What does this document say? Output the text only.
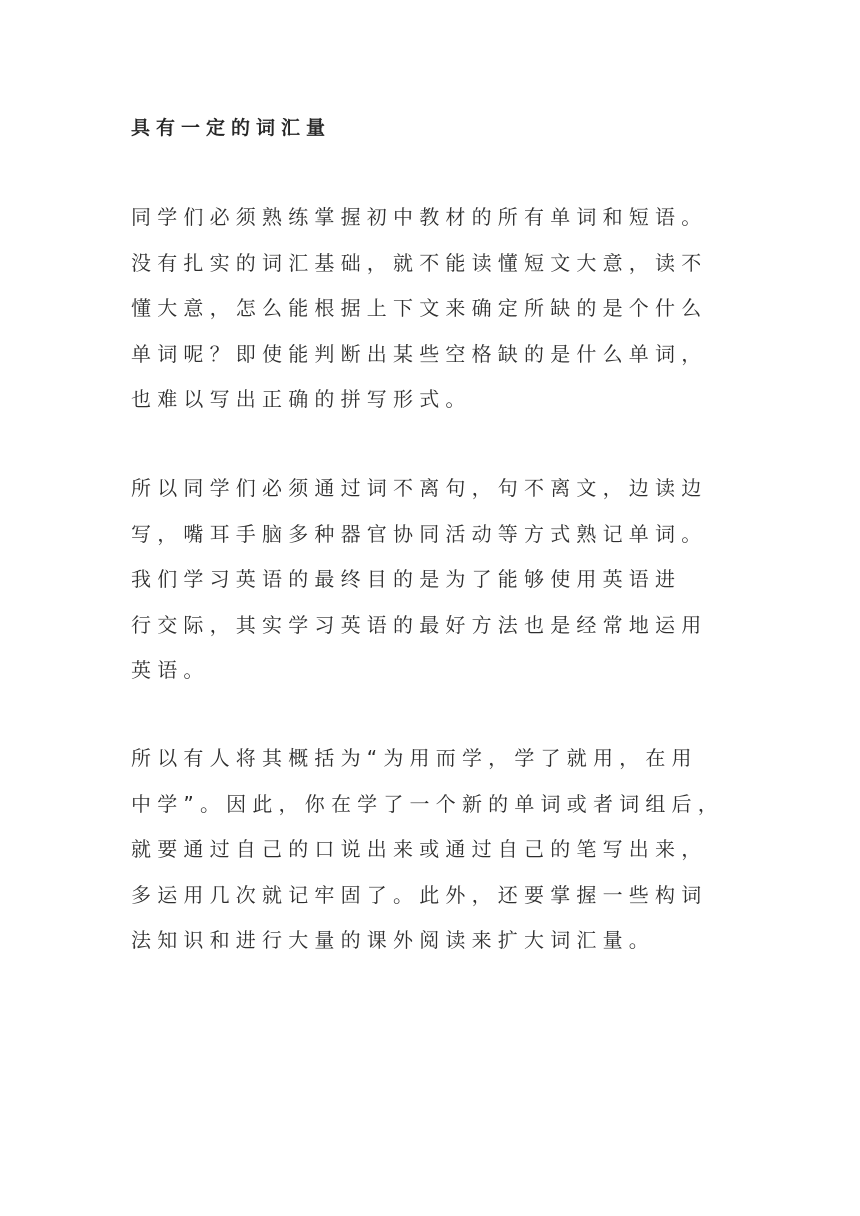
具有一定的词汇量
同学们必须熟练掌握初中教材的所有单词和短语。
没有扎实的词汇基础，就不能读懂短文大意，读不
懂大意，怎么能根据上下文来确定所缺的是个什么
单词呢？即使能判断出某些空格缺的是什么单词，
也难以写出正确的拼写形式。
所以同学们必须通过词不离句，句不离文，边读边
写，嘴耳手脑多种器官协同活动等方式熟记单词。
我们学习英语的最终目的是为了能够使用英语进
行交际，其实学习英语的最好方法也是经常地运用
英语。
所以有人将其概括为“为用而学，学了就用，在用
中学”。因此，你在学了一个新的单词或者词组后，
就要通过自己的口说出来或通过自己的笔写出来，
多运用几次就记牢固了。此外，还要掌握一些构词
法知识和进行大量的课外阅读来扩大词汇量。
